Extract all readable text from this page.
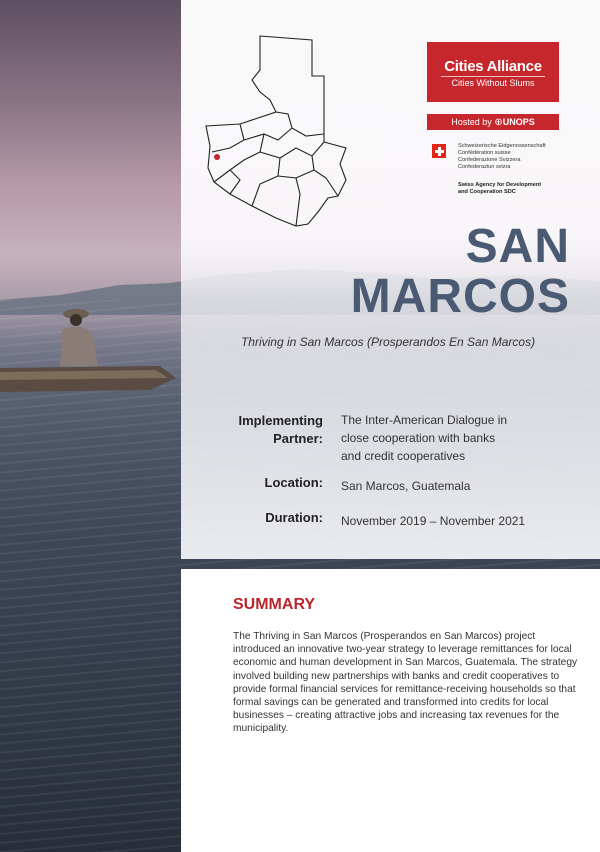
Cities Alliance
Cities Without Slums
Hosted by ⊕UNOPS
Schweizerische Eidgenossenschaft
Confédération suisse
Confederazione Svizzera
Confederaziun svizra
Swiss Agency for Development
and Cooperation SDC
SAN
MARCOS
Thriving in San Marcos (Prosperandos En San Marcos)
Implementing
Partner:
The Inter-American Dialogue in
close cooperation with banks
and credit cooperatives
Location: San Marcos, Guatemala
Duration: November 2019 – November 2021
SUMMARY
The Thriving in San Marcos (Prosperandos en San Marcos) project introduced an innovative two-year strategy to leverage remittances for local economic and human development in San Marcos, Guatemala. The strategy involved building new partnerships with banks and credit cooperatives to provide formal financial services for remittance-receiving households so that formal savings can be generated and transformed into credits for local businesses – creating attractive jobs and increasing tax revenues for the municipality.
